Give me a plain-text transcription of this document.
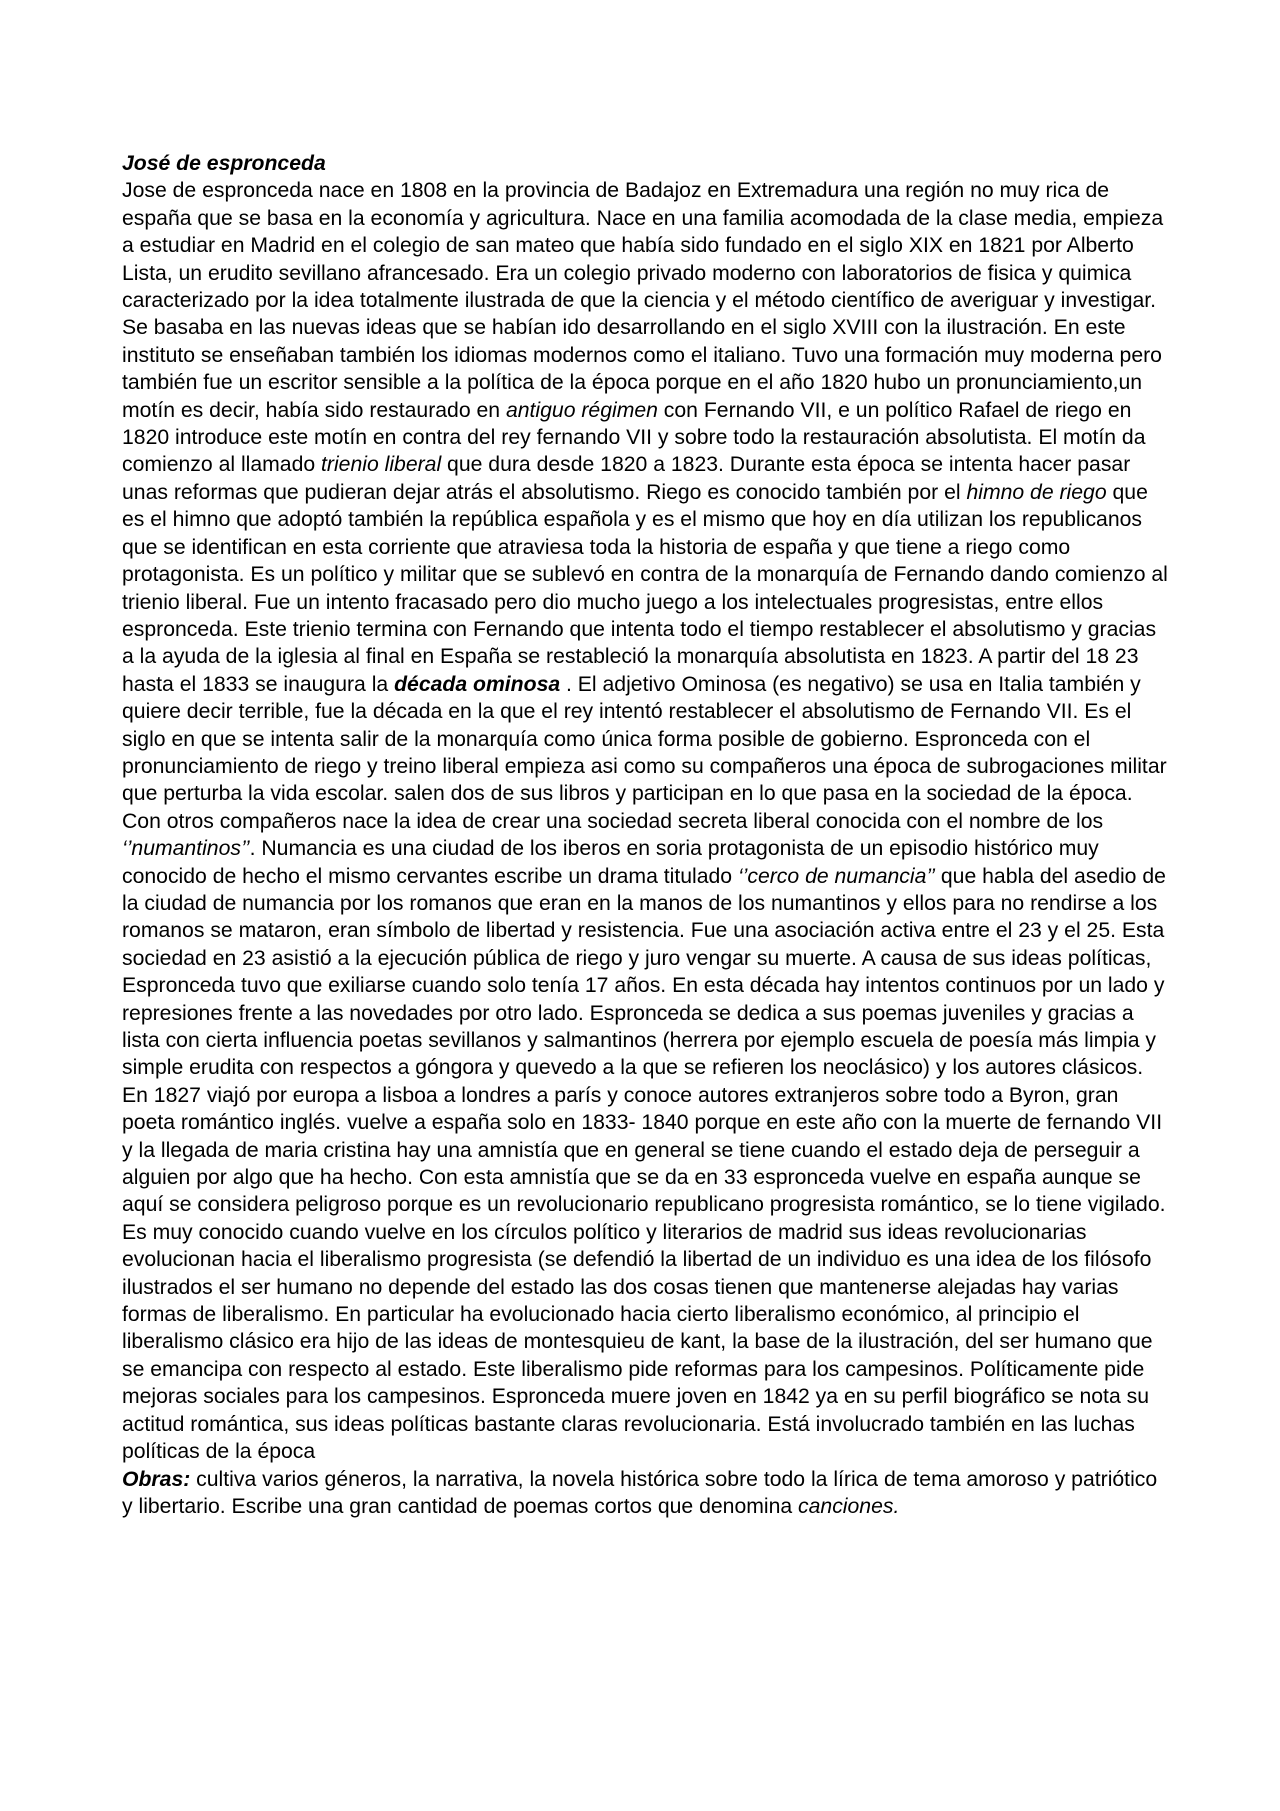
José de espronceda
Jose de espronceda nace en 1808 en la provincia de Badajoz en Extremadura una región no muy rica de españa que se basa en la economía y agricultura. Nace en una familia acomodada de la clase media, empieza a estudiar en Madrid en el colegio de san mateo que había sido fundado en el siglo XIX en 1821 por Alberto Lista, un erudito sevillano afrancesado. Era un colegio privado moderno con laboratorios de fisica y quimica caracterizado por la idea totalmente ilustrada de que la ciencia y el método científico de averiguar y investigar. Se basaba en las nuevas ideas que se habían ido desarrollando en el siglo XVIII con la ilustración. En este instituto se enseñaban también los idiomas modernos como el italiano. Tuvo una formación muy moderna pero también fue un escritor sensible a la política de la época porque en el año 1820 hubo un pronunciamiento,un motín es decir, había sido restaurado en antiguo régimen con Fernando VII, e un político Rafael de riego en 1820 introduce este motín en contra del rey fernando VII y sobre todo la restauración absolutista. El motín da comienzo al llamado trienio liberal que dura desde 1820 a 1823. Durante esta época se intenta hacer pasar unas reformas que pudieran dejar atrás el absolutismo. Riego es conocido también por el himno de riego que es el himno que adoptó también la república española y es el mismo que hoy en día utilizan los republicanos que se identifican en esta corriente que atraviesa toda la historia de españa y que tiene a riego como protagonista. Es un político y militar que se sublevó en contra de la monarquía de Fernando dando comienzo al trienio liberal. Fue un intento fracasado pero dio mucho juego a los intelectuales progresistas, entre ellos espronceda. Este trienio termina con Fernando que intenta todo el tiempo restablecer el absolutismo y gracias a la ayuda de la iglesia al final en España se restableció la monarquía absolutista en 1823. A partir del 18 23 hasta el 1833 se inaugura la década ominosa . El adjetivo Ominosa (es negativo) se usa en Italia también y quiere decir terrible, fue la década en la que el rey intentó restablecer el absolutismo de Fernando VII. Es el siglo en que se intenta salir de la monarquía como única forma posible de gobierno. Espronceda con el pronunciamiento de riego y treino liberal empieza asi como su compañeros una época de subrogaciones militar que perturba la vida escolar. salen dos de sus libros y participan en lo que pasa en la sociedad de la época. Con otros compañeros nace la idea de crear una sociedad secreta liberal conocida con el nombre de los ‘’numantinos’’. Numancia es una ciudad de los iberos en soria protagonista de un episodio histórico muy conocido de hecho el mismo cervantes escribe un drama titulado ‘’cerco de numancia’’ que habla del asedio de la ciudad de numancia por los romanos que eran en la manos de los numantinos y ellos para no rendirse a los romanos se mataron, eran símbolo de libertad y resistencia. Fue una asociación activa entre el 23 y el 25. Esta sociedad en 23 asistió a la ejecución pública de riego y juro vengar su muerte. A causa de sus ideas políticas, Espronceda tuvo que exiliarse cuando solo tenía 17 años. En esta década hay intentos continuos por un lado y represiones frente a las novedades por otro lado. Espronceda se dedica a sus poemas juveniles y gracias a lista con cierta influencia poetas sevillanos y salmantinos (herrera por ejemplo escuela de poesía más limpia y simple erudita con respectos a góngora y quevedo a la que se refieren los neoclásico) y los autores clásicos. En 1827 viajó por europa a lisboa a londres a parís y conoce autores extranjeros sobre todo a Byron, gran poeta romántico inglés. vuelve a españa solo en 1833- 1840 porque en este año con la muerte de fernando VII y la llegada de maria cristina hay una amnistía que en general se tiene cuando el estado deja de perseguir a alguien por algo que ha hecho. Con esta amnistía que se da en 33 espronceda vuelve en españa aunque se aquí se considera peligroso porque es un revolucionario republicano progresista romántico, se lo tiene vigilado. Es muy conocido cuando vuelve en los círculos político y literarios de madrid sus ideas revolucionarias evolucionan hacia el liberalismo progresista (se defendió la libertad de un individuo es una idea de los filósofo ilustrados el ser humano no depende del estado las dos cosas tienen que mantenerse alejadas hay varias formas de liberalismo. En particular ha evolucionado hacia cierto liberalismo económico, al principio el liberalismo clásico era hijo de las ideas de montesquieu de kant, la base de la ilustración, del ser humano que se emancipa con respecto al estado. Este liberalismo pide reformas para los campesinos. Políticamente pide mejoras sociales para los campesinos. Espronceda muere joven en 1842 ya en su perfil biográfico se nota su actitud romántica, sus ideas políticas bastante claras revolucionaria. Está involucrado también en las luchas políticas de la época
Obras: cultiva varios géneros, la narrativa, la novela histórica sobre todo la lírica de tema amoroso y patriótico y libertario. Escribe una gran cantidad de poemas cortos que denomina canciones.
